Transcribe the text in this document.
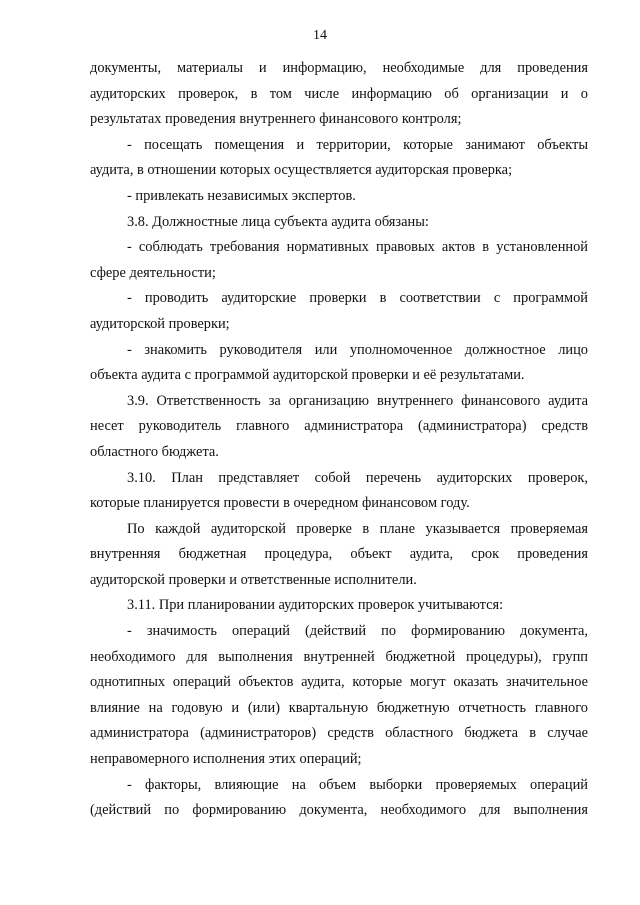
14
документы, материалы и информацию, необходимые для проведения
аудиторских проверок, в том числе информацию об организации и о
результатах проведения внутреннего финансового контроля;
- посещать помещения и территории, которые занимают объекты
аудита, в отношении которых осуществляется аудиторская проверка;
- привлекать независимых экспертов.
3.8. Должностные лица субъекта аудита обязаны:
- соблюдать требования нормативных правовых актов в установленной
сфере деятельности;
- проводить аудиторские проверки в соответствии с программой
аудиторской проверки;
- знакомить руководителя или уполномоченное должностное лицо
объекта аудита с программой аудиторской проверки и её результатами.
3.9. Ответственность за организацию внутреннего финансового аудита
несет руководитель главного администратора (администратора) средств
областного бюджета.
3.10. План представляет собой перечень аудиторских проверок,
которые планируется провести в очередном финансовом году.
По каждой аудиторской проверке в плане указывается проверяемая
внутренняя бюджетная процедура, объект аудита, срок проведения
аудиторской проверки и ответственные исполнители.
3.11. При планировании аудиторских проверок учитываются:
- значимость операций (действий по формированию документа,
необходимого для выполнения внутренней бюджетной процедуры), групп
однотипных операций объектов аудита, которые могут оказать значительное
влияние на годовую и (или) квартальную бюджетную отчетность главного
администратора (администраторов) средств областного бюджета в случае
неправомерного исполнения этих операций;
- факторы, влияющие на объем выборки проверяемых операций
(действий по формированию документа, необходимого для выполнения
